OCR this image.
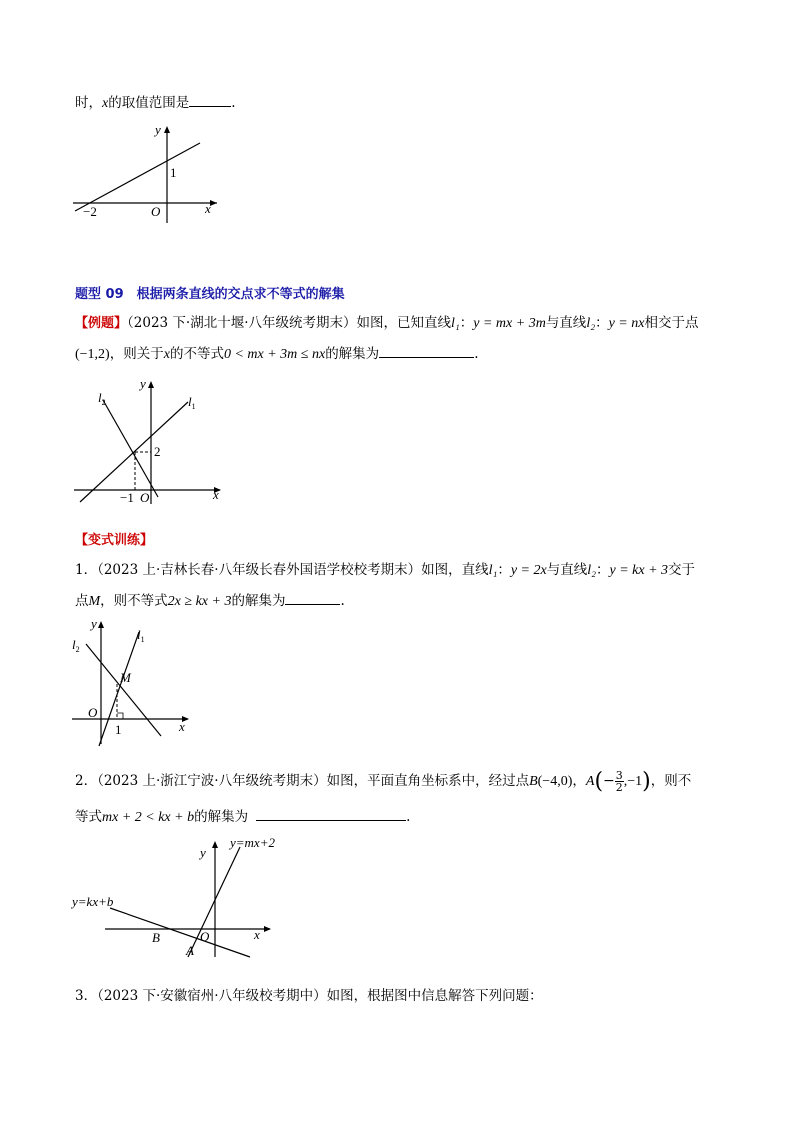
时，x的取值范围是	.
y
x
O
−2
1
题型 09　根据两条直线的交点求不等式的解集
【例题】（2023 下·湖北十堰·八年级统考期末）如图，已知直线l₁：y = mx + 3m与直线l₂：y = nx相交于点
(−1,2)，则关于x的不等式0 < mx + 3m ≤ nx的解集为	.
y
x
O
−1
2
$l_1$
$l_2$
【变式训练】
1．（2023 上·吉林长春·八年级长春外国语学校校考期末）如图，直线l₁：y = 2x与直线l₂：y = kx + 3交于
点M，则不等式2x ≥ kx + 3的解集为	.
y
x
O
1
M
$l_1$
$l_2$
2．（2023 上·浙江宁波·八年级统考期末）如图，平面直角坐标系中，经过点B(−4,0)，$A(- \frac{3}{2} ,-1)$，则不
等式mx + 2 < kx + b的解集为	.
y
x
O
B
A
y=mx+2
y=kx+b
3．（2023 下·安徽宿州·八年级校考期中）如图，根据图中信息解答下列问题：
